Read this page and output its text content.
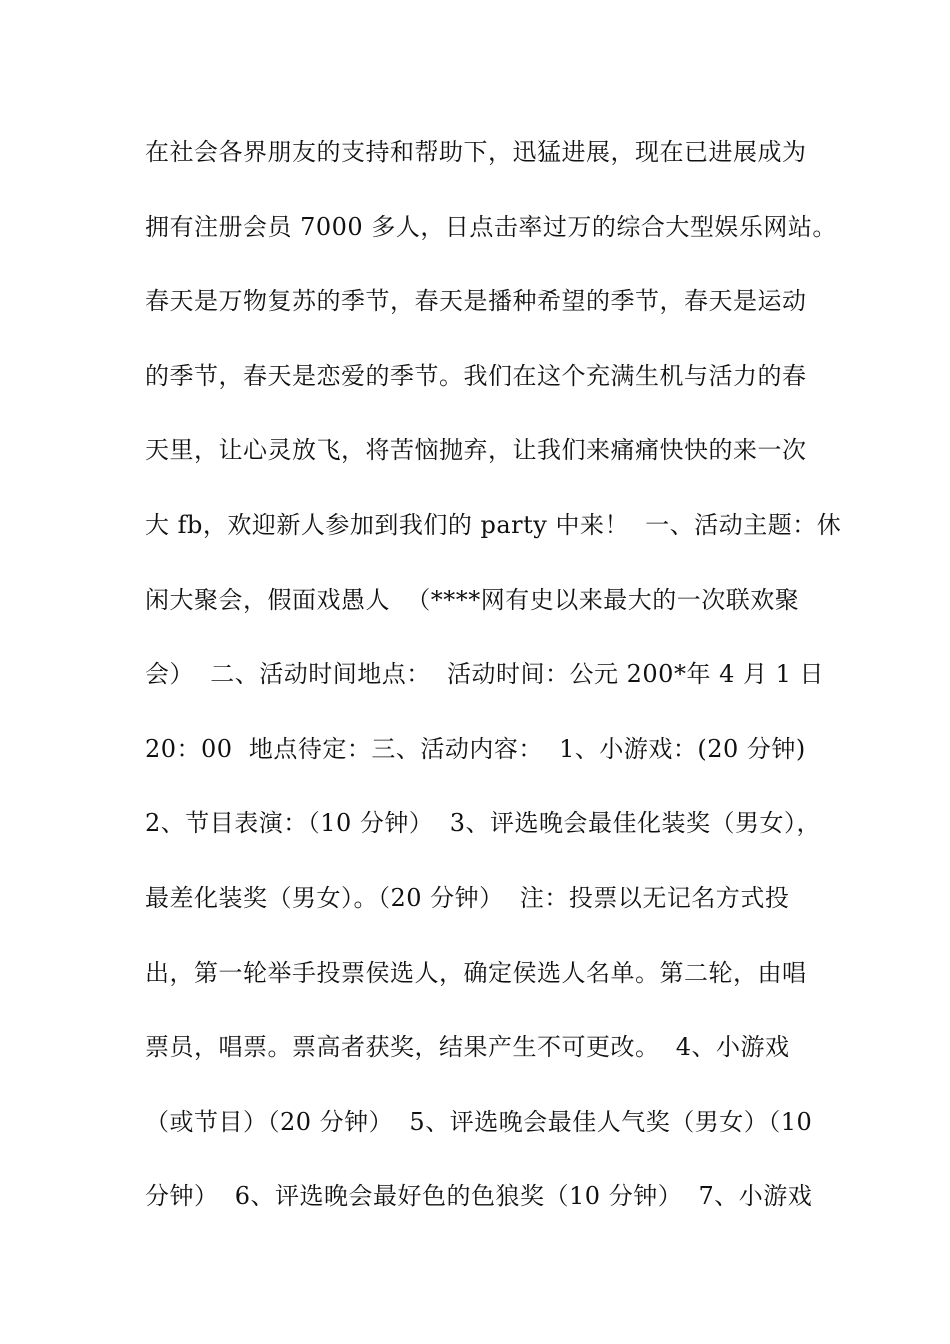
在社会各界朋友的支持和帮助下，迅猛进展，现在已进展成为
拥有注册会员 7000 多人，日点击率过万的综合大型娱乐网站。
春天是万物复苏的季节，春天是播种希望的季节，春天是运动
的季节，春天是恋爱的季节。我们在这个充满生机与活力的春
天里，让心灵放飞，将苦恼抛弃，让我们来痛痛快快的来一次
大 fb，欢迎新人参加到我们的 party 中来！  一、活动主题：休
闲大聚会，假面戏愚人  （****网有史以来最大的一次联欢聚
会）  二、活动时间地点：  活动时间：公元 200*年 4 月 1 日
20：00  地点待定：三、活动内容：  1、小游戏：(20 分钟)
2、节目表演：（10 分钟）  3、评选晚会最佳化装奖（男女），
最差化装奖（男女）。（20 分钟）  注：投票以无记名方式投
出，第一轮举手投票侯选人，确定侯选人名单。第二轮，由唱
票员，唱票。票高者获奖，结果产生不可更改。  4、小游戏
（或节目）（20 分钟）  5、评选晚会最佳人气奖（男女）（10
分钟）  6、评选晚会最好色的色狼奖（10 分钟）  7、小游戏
